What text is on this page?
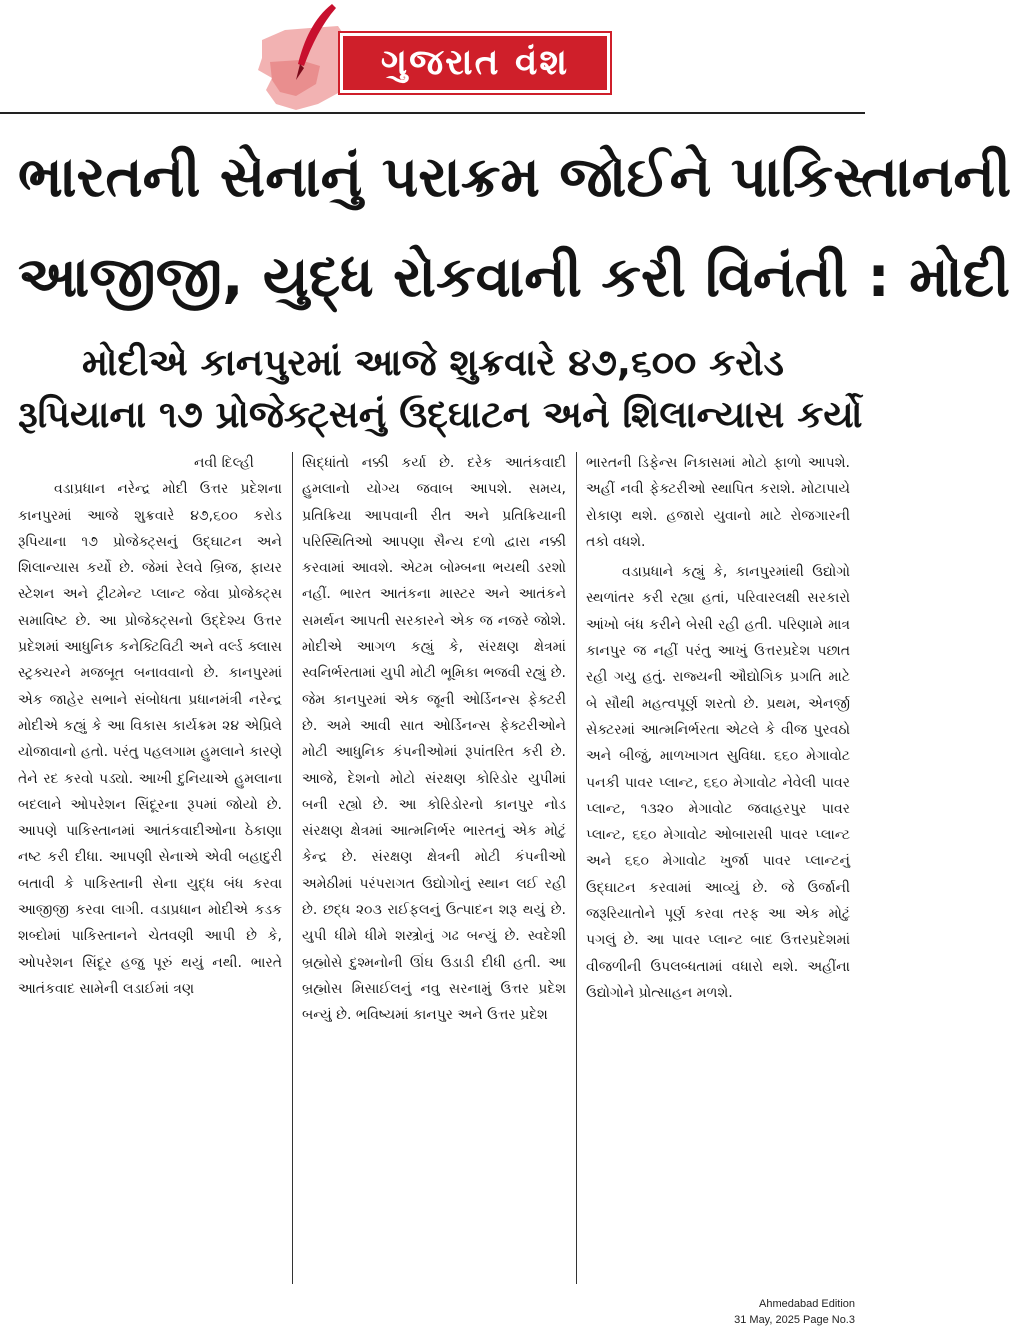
ગુજરાત વંશ
ભારતની સેનાનું પરાક્રમ જોઈને પાકિસ્તાનની
આજીજી, યુદ્ધ રોકવાની કરી વિનંતી : મોદી
મોદીએ કાનપુરમાં આજે શુક્રવારે ૪૭,૬૦૦ કરોડ
રૂપિયાના ૧૭ પ્રોજેક્ટ્સનું ઉદ્ઘાટન અને શિલાન્યાસ કર્યો
નવી દિલ્હી
વડાપ્રધાન નરેન્દ્ર મોદી ઉત્તર પ્રદેશના કાનપુરમાં આજે શુક્રવારે ૪૭,૬૦૦ કરોડ રૂપિયાના ૧૭ પ્રોજેક્ટ્સનું ઉદ્ઘાટન અને શિલાન્યાસ કર્યો છે. જેમાં રેલવે બ્રિજ, ફાયર સ્ટેશન અને ટ્રીટમેન્ટ પ્લાન્ટ જેવા પ્રોજેક્ટ્સ સમાવિષ્ટ છે. આ પ્રોજેક્ટ્સનો ઉદ્દેશ્ય ઉત્તર પ્રદેશમાં આધુનિક કનેક્ટિવિટી અને વર્લ્ડ ક્લાસ સ્ટ્રક્ચરને મજબૂત બનાવવાનો છે. કાનપુરમાં એક જાહેર સભાને સંબોધતા પ્રધાનમંત્રી નરેન્દ્ર મોદીએ કહ્યું કે આ વિકાસ કાર્યક્રમ ૨૪ એપ્રિલે યોજાવાનો હતો. પરંતુ પહલગામ હુમલાને કારણે તેને રદ કરવો પડ્યો. આખી દુનિયાએ હુમલાના બદલાને ઓપરેશન સિંદૂરના રૂપમાં જોયો છે. આપણે પાકિસ્તાનમાં આતંકવાદીઓના ઠેકાણા નષ્ટ કરી દીધા. આપણી સેનાએ એવી બહાદુરી બતાવી કે પાકિસ્તાની સેના યુદ્ધ બંધ કરવા આજીજી કરવા લાગી. વડાપ્રધાન મોદીએ કડક શબ્દોમાં પાકિસ્તાનને ચેતવણી આપી છે કે, ઓપરેશન સિંદૂર હજુ પૂરું થયું નથી. ભારતે આતંકવાદ સામેની લડાઈમાં ત્રણ
સિદ્ધાંતો નક્કી કર્યા છે. દરેક આતંકવાદી હુમલાનો યોગ્ય જવાબ આપશે. સમય, પ્રતિક્રિયા આપવાની રીત અને પ્રતિક્રિયાની પરિસ્થિતિઓ આપણા સૈન્ય દળો દ્વારા નક્કી કરવામાં આવશે. એટમ બોમ્બના ભયથી ડરશો નહીં. ભારત આતંકના માસ્ટર અને આતંકને સમર્થન આપતી સરકારને એક જ નજરે જોશે. મોદીએ આગળ કહ્યું કે, સંરક્ષણ ક્ષેત્રમાં સ્વનિર્ભરતામાં યુપી મોટી ભૂમિકા ભજવી રહ્યું છે. જેમ કાનપુરમાં એક જૂની ઓર્ડિનન્સ ફેક્ટરી છે. અમે આવી સાત ઓર્ડિનન્સ ફેક્ટરીઓને મોટી આધુનિક કંપનીઓમાં રૂપાંતરિત કરી છે. આજે, દેશનો મોટો સંરક્ષણ કોરિડોર યુપીમાં બની રહ્યો છે. આ કોરિડોરનો કાનપુર નોડ સંરક્ષણ ક્ષેત્રમાં આત્મનિર્ભર ભારતનું એક મોટું કેન્દ્ર છે. સંરક્ષણ ક્ષેત્રની મોટી કંપનીઓ અમેઠીમાં પરંપરાગત ઉદ્યોગોનું સ્થાન લઈ રહી છે. છદ્ધ ૨૦૩ રાઈફલનું ઉત્પાદન શરૂ થયું છે. યુપી ધીમે ધીમે શસ્ત્રોનું ગઢ બન્યું છે. સ્વદેશી બ્રહ્મોસે દુશ્મનોની ઊંઘ ઉડાડી દીધી હતી. આ બ્રહ્મોસ મિસાઈલનું નવુ સરનામું ઉત્તર પ્રદેશ બન્યું છે. ભવિષ્યમાં કાનપુર અને ઉત્તર પ્રદેશ
ભારતની ડિફેન્સ નિકાસમાં મોટો ફાળો આપશે. અહીં નવી ફેક્ટરીઓ સ્થાપિત કરાશે. મોટાપાયે રોકાણ થશે. હજારો યુવાનો માટે રોજગારની તકો વધશે.
વડાપ્રધાને કહ્યું કે, કાનપુરમાંથી ઉદ્યોગો સ્થળાંતર કરી રહ્યા હતાં, પરિવારલક્ષી સરકારો આંખો બંધ કરીને બેસી રહી હતી. પરિણામે માત્ર કાનપુર જ નહીં પરંતુ આખું ઉત્તરપ્રદેશ પછાત રહી ગયુ હતું. રાજ્યની ઔદ્યોગિક પ્રગતિ માટે બે સૌથી મહત્વપૂર્ણ શરતો છે. પ્રથમ, એનર્જી સેક્ટરમાં આત્મનિર્ભરતા એટલે કે વીજ પુરવઠો અને બીજું, માળખાગત સુવિધા. ૬૬૦ મેગાવોટ પનકી પાવર પ્લાન્ટ, ૬૬૦ મેગાવોટ નેવેલી પાવર પ્લાન્ટ, ૧૩૨૦ મેગાવોટ જવાહરપુર પાવર પ્લાન્ટ, ૬૬૦ મેગાવોટ ઓબારાસી પાવર પ્લાન્ટ અને ૬૬૦ મેગાવોટ ખુર્જા પાવર પ્લાન્ટનું ઉદ્ઘાટન કરવામાં આવ્યું છે. જે ઉર્જાની જરૂરિયાતોને પૂર્ણ કરવા તરફ આ એક મોટું પગલું છે. આ પાવર પ્લાન્ટ બાદ ઉત્તરપ્રદેશમાં વીજળીની ઉપલબ્ધતામાં વધારો થશે. અહીંના ઉદ્યોગોને પ્રોત્સાહન મળશે.
Ahmedabad Edition
31 May, 2025 Page No.3
